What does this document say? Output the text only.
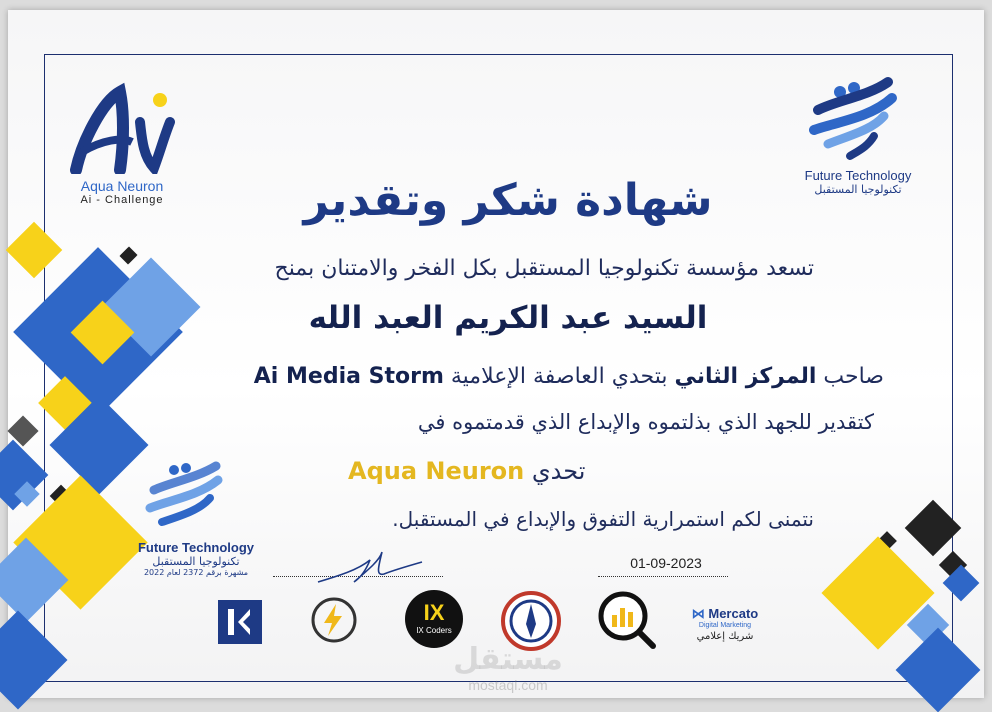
Aqua Neuron
Ai - Challenge
Future Technology
تكنولوجيا المستقبل
شهادة شكر وتقدير
تسعد مؤسسة تكنولوجيا المستقبل بكل الفخر والامتنان بمنح
السيد عبد الكريم العبد الله
صاحب المركز الثاني بتحدي العاصفة الإعلامية Ai Media Storm
كتقدير للجهد الذي بذلتموه والإبداع الذي قدمتموه في
تحدي Aqua Neuron
نتمنى لكم استمرارية التفوق والإبداع في المستقبل.
01-09-2023
Future Technology
تكنولوجيا المستقبل
مشهرة برقم 2372 لعام 2022
IX
IX Coders
⋈ Mercato
Digital Marketing
شريك إعلامي
مستقل
mostaql.com
